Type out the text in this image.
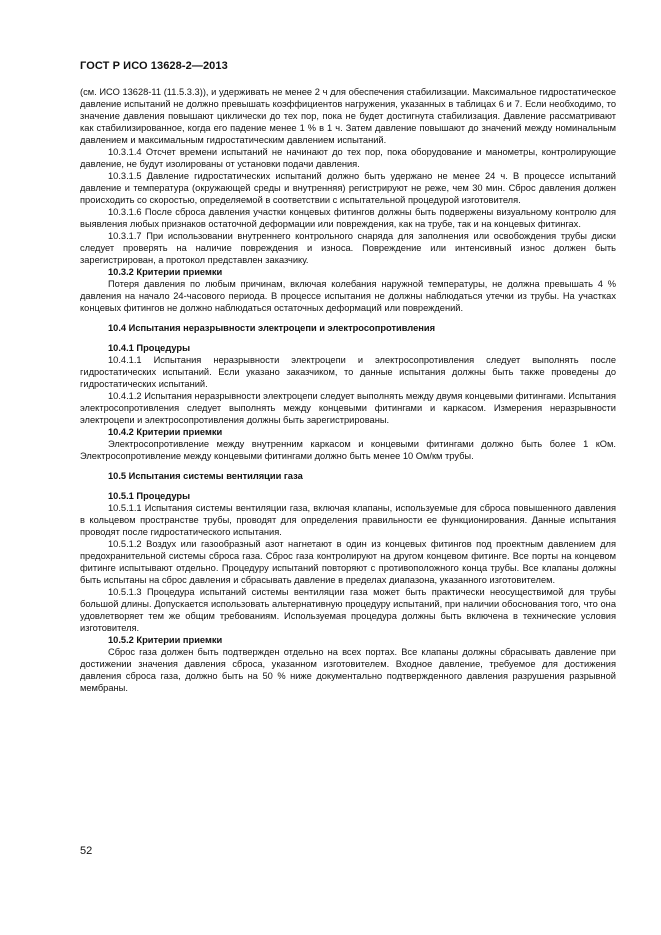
ГОСТ Р ИСО 13628-2—2013

(см. ИСО 13628-11 (11.5.3.3)), и удерживать не менее 2 ч для обеспечения стабилизации. Максимальное гидростатическое давление испытаний не должно превышать коэффициентов нагружения, указанных в таблицах 6 и 7. Если необходимо, то значение давления повышают циклически до тех пор, пока не будет достигнута стабилизация. Давление рассматривают как стабилизированное, когда его падение менее 1 % в 1 ч. Затем давление повышают до значений между номинальным давлением и максимальным гидростатическим давлением испытаний.

10.3.1.4 Отсчет времени испытаний не начинают до тех пор, пока оборудование и манометры, контролирующие давление, не будут изолированы от установки подачи давления.

10.3.1.5 Давление гидростатических испытаний должно быть удержано не менее 24 ч. В процессе испытаний давление и температура (окружающей среды и внутренняя) регистрируют не реже, чем 30 мин. Сброс давления должен происходить со скоростью, определяемой в соответствии с испытательной процедурой изготовителя.

10.3.1.6 После сброса давления участки концевых фитингов должны быть подвержены визуальному контролю для выявления любых признаков остаточной деформации или повреждения, как на трубе, так и на концевых фитингах.

10.3.1.7 При использовании внутреннего контрольного снаряда для заполнения или освобождения трубы диски следует проверять на наличие повреждения и износа. Повреждение или интенсивный износ должен быть зарегистрирован, а протокол представлен заказчику.

10.3.2 Критерии приемки

Потеря давления по любым причинам, включая колебания наружной температуры, не должна превышать 4 % давления на начало 24-часового периода. В процессе испытания не должны наблюдаться утечки из трубы. На участках концевых фитингов не должно наблюдаться остаточных деформаций или повреждений.

10.4 Испытания неразрывности электроцепи и электросопротивления

10.4.1 Процедуры

10.4.1.1 Испытания неразрывности электроцепи и электросопротивления следует выполнять после гидростатических испытаний. Если указано заказчиком, то данные испытания должны быть также проведены до гидростатических испытаний.

10.4.1.2 Испытания неразрывности электроцепи следует выполнять между двумя концевыми фитингами. Испытания электросопротивления следует выполнять между концевыми фитингами и каркасом. Измерения неразрывности электроцепи и электросопротивления должны быть зарегистрированы.

10.4.2 Критерии приемки

Электросопротивление между внутренним каркасом и концевыми фитингами должно быть более 1 кОм. Электросопротивление между концевыми фитингами должно быть менее 10 Ом/км трубы.

10.5 Испытания системы вентиляции газа

10.5.1 Процедуры

10.5.1.1 Испытания системы вентиляции газа, включая клапаны, используемые для сброса повышенного давления в кольцевом пространстве трубы, проводят для определения правильности ее функционирования. Данные испытания проводят после гидростатического испытания.

10.5.1.2 Воздух или газообразный азот нагнетают в один из концевых фитингов под проектным давлением для предохранительной системы сброса газа. Сброс газа контролируют на другом концевом фитинге. Все порты на концевом фитинге испытывают отдельно. Процедуру испытаний повторяют с противоположного конца трубы. Все клапаны должны быть испытаны на сброс давления и сбрасывать давление в пределах диапазона, указанного изготовителем.

10.5.1.3 Процедура испытаний системы вентиляции газа может быть практически неосуществимой для трубы большой длины. Допускается использовать альтернативную процедуру испытаний, при наличии обоснования того, что она удовлетворяет тем же общим требованиям. Используемая процедура должны быть включена в технические условия изготовителя.

10.5.2 Критерии приемки

Сброс газа должен быть подтвержден отдельно на всех портах. Все клапаны должны сбрасывать давление при достижении значения давления сброса, указанном изготовителем. Входное давление, требуемое для достижения давления сброса газа, должно быть на 50 % ниже документально подтвержденного давления разрушения разрывной мембраны.

52
